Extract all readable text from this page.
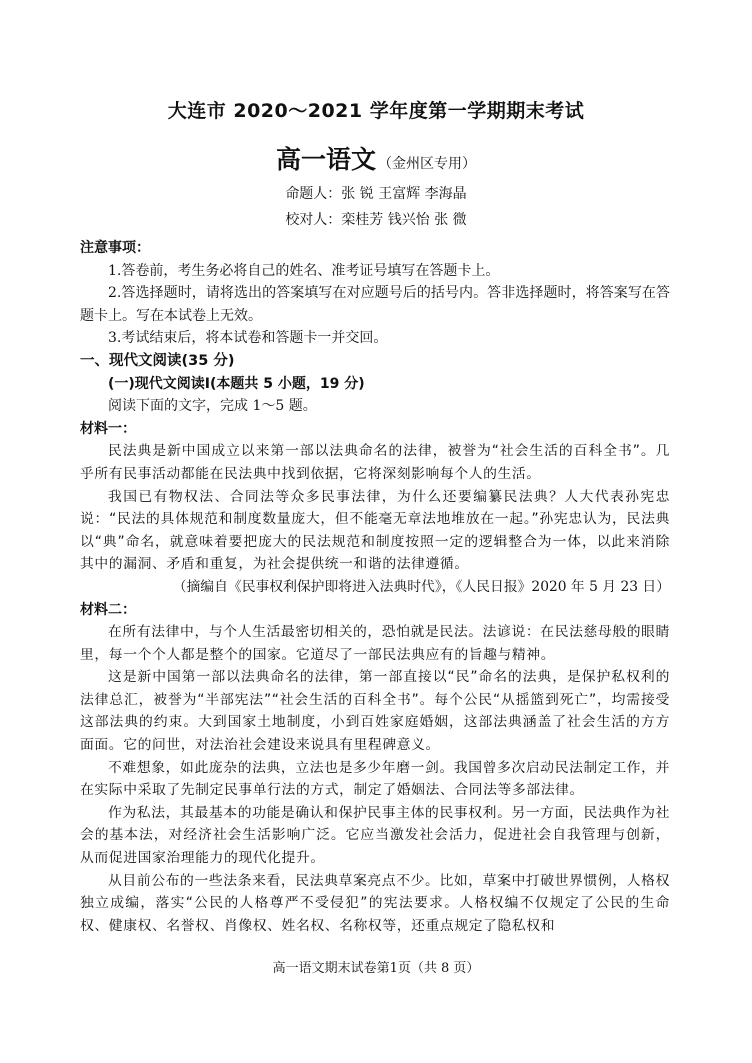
大连市 2020～2021 学年度第一学期期末考试
高一语文 （金州区专用）
命题人：张 锐 王富辉 李海晶
校对人：栾桂芳 钱兴怡 张 微

注意事项：

1.答卷前，考生务必将自己的姓名、准考证号填写在答题卡上。

2.答选择题时，请将选出的答案填写在对应题号后的括号内。答非选择题时，将答案写在答题卡上。写在本试卷上无效。

3.考试结束后，将本试卷和答题卡一并交回。

一、现代文阅读(35 分)

(一)现代文阅读Ⅰ(本题共 5 小题，19 分)

阅读下面的文字，完成 1～5 题。

材料一：

民法典是新中国成立以来第一部以法典命名的法律，被誉为“社会生活的百科全书”。几乎所有民事活动都能在民法典中找到依据，它将深刻影响每个人的生活。

我国已有物权法、合同法等众多民事法律，为什么还要编纂民法典？人大代表孙宪忠说：“民法的具体规范和制度数量庞大，但不能毫无章法地堆放在一起。”孙宪忠认为，民法典以“典”命名，就意味着要把庞大的民法规范和制度按照一定的逻辑整合为一体，以此来消除其中的漏洞、矛盾和重复，为社会提供统一和谐的法律遵循。

（摘编自《民事权利保护即将进入法典时代》，《人民日报》2020 年 5 月 23 日）

材料二：

在所有法律中，与个人生活最密切相关的，恐怕就是民法。法谚说：在民法慈母般的眼睛里，每一个个人都是整个的国家。它道尽了一部民法典应有的旨趣与精神。

这是新中国第一部以法典命名的法律，第一部直接以“民”命名的法典，是保护私权利的法律总汇，被誉为“半部宪法”“社会生活的百科全书”。每个公民“从摇篮到死亡”，均需接受这部法典的约束。大到国家土地制度，小到百姓家庭婚姻，这部法典涵盖了社会生活的方方面面。它的问世，对法治社会建设来说具有里程碑意义。

不难想象，如此庞杂的法典，立法也是多少年磨一剑。我国曾多次启动民法制定工作，并在实际中采取了先制定民事单行法的方式，制定了婚姻法、合同法等多部法律。

作为私法，其最基本的功能是确认和保护民事主体的民事权利。另一方面，民法典作为社会的基本法，对经济社会生活影响广泛。它应当激发社会活力，促进社会自我管理与创新，从而促进国家治理能力的现代化提升。

从目前公布的一些法条来看，民法典草案亮点不少。比如，草案中打破世界惯例，人格权独立成编，落实“公民的人格尊严不受侵犯”的宪法要求。人格权编不仅规定了公民的生命权、健康权、名誉权、肖像权、姓名权、名称权等，还重点规定了隐私权和

高一语文期末试卷第1页（共 8 页）
